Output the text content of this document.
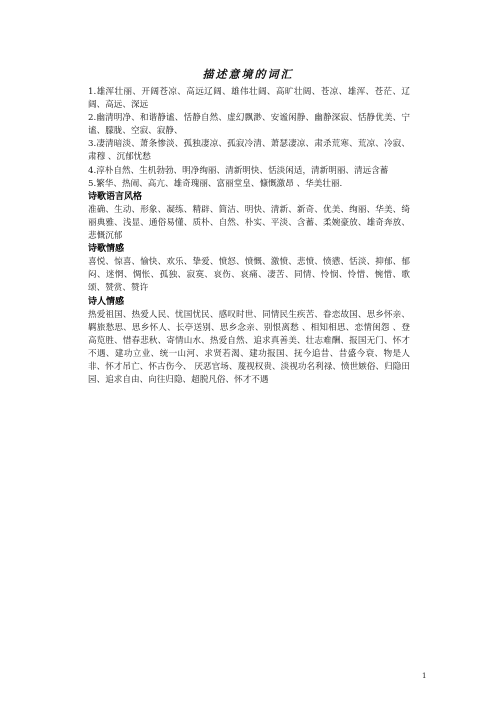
描述意境的词汇

1.雄浑壮丽、开阔苍凉、高远辽阔、雄伟壮阔、高旷壮阔、苍凉、雄浑、苍茫、辽阔、高远、深远

2.幽清明净、和谐静谧、恬静自然、虚幻飘渺、安谧闲静、幽静深寂、恬静优美、宁谧、朦胧、空寂、寂静、

3.凄清暗淡、萧条惨淡、孤独凄凉、孤寂冷清、萧瑟凄凉、肃杀荒寒、荒凉、冷寂、肃穆 、沉郁忧愁

4.淳朴自然、生机勃勃、明净绚丽、清新明快、恬淡闲适，清新明丽、清远含蓄

5.繁华、热闹、高亢、雄奇瑰丽、富丽堂皇、慷慨激昂 、华美壮丽.

诗歌语言风格

准确、生动、形象、凝练、精辟、简洁、明快、清新、新奇、优美、绚丽、华美、绮丽典雅、浅显、通俗易懂、质朴、自然、朴实、平淡、含蓄、柔婉豪放、雄奇奔放、悲慨沉郁

诗歌情感

喜悦、惊喜、愉快、欢乐、挚爱、愤怒、愤慨、激愤、悲愤、愤懑、恬淡、抑郁、郁闷、迷惘、惆怅、孤独、寂寞、哀伤、哀痛、凄苦、同情、怜悯、怜惜、惋惜、歌颂、赞赏、赞许

诗人情感

热爱祖国、热爱人民、忧国忧民、感叹时世、同情民生疾苦、眷恋故国、思乡怀亲、羁旅愁思、思乡怀人、长亭送别、思乡念亲、别恨离愁 、相知相思、恋情闺怨 、登高览胜、惜春悲秋、寄情山水、热爱自然、追求真善美、壮志难酬、报国无门、怀才不遇、建功立业、统一山河、求贤若渴、建功报国、抚今追昔、昔盛今衰、物是人非、怀才吊亡、怀古伤今、 厌恶官场、蔑视权贵、淡视功名利禄、愤世嫉俗、归隐田园、追求自由、向往归隐、超脱凡俗、怀才不遇

1
